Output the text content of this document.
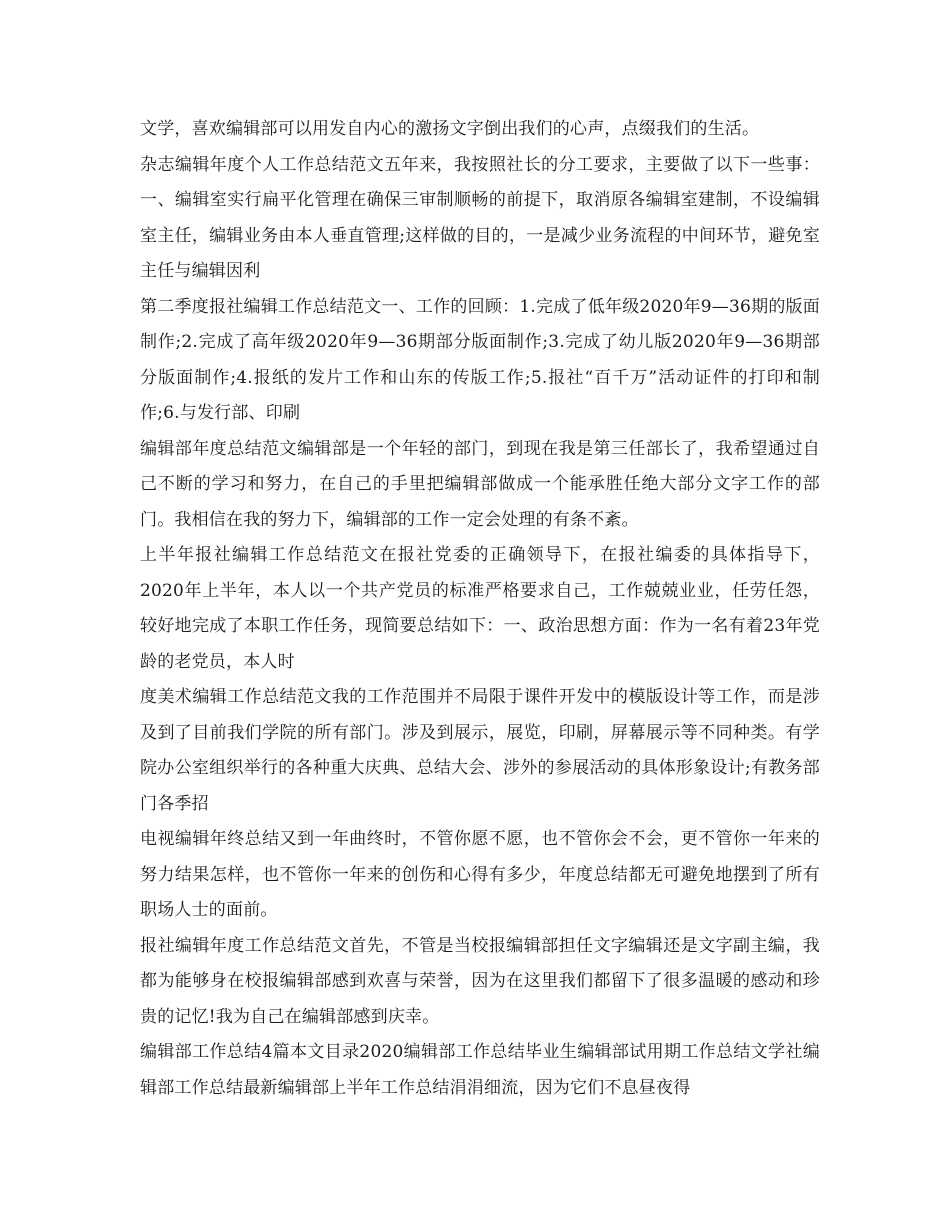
文学，喜欢编辑部可以用发自内心的激扬文字倒出我们的心声，点缀我们的生活。

杂志编辑年度个人工作总结范文五年来，我按照社长的分工要求，主要做了以下一些事：一、编辑室实行扁平化管理在确保三审制顺畅的前提下，取消原各编辑室建制，不设编辑室主任，编辑业务由本人垂直管理;这样做的目的，一是减少业务流程的中间环节，避免室主任与编辑因利

第二季度报社编辑工作总结范文一、工作的回顾：1.完成了低年级2020年9—36期的版面制作;2.完成了高年级2020年9—36期部分版面制作;3.完成了幼儿版2020年9—36期部分版面制作;4.报纸的发片工作和山东的传版工作;5.报社“百千万”活动证件的打印和制作;6.与发行部、印刷

编辑部年度总结范文编辑部是一个年轻的部门，到现在我是第三任部长了，我希望通过自己不断的学习和努力，在自己的手里把编辑部做成一个能承胜任绝大部分文字工作的部门。我相信在我的努力下，编辑部的工作一定会处理的有条不紊。

上半年报社编辑工作总结范文在报社党委的正确领导下，在报社编委的具体指导下，2020年上半年，本人以一个共产党员的标准严格要求自己，工作兢兢业业，任劳任怨，较好地完成了本职工作任务，现简要总结如下：一、政治思想方面：作为一名有着23年党龄的老党员，本人时

度美术编辑工作总结范文我的工作范围并不局限于课件开发中的模版设计等工作，而是涉及到了目前我们学院的所有部门。涉及到展示，展览，印刷，屏幕展示等不同种类。有学院办公室组织举行的各种重大庆典、总结大会、涉外的参展活动的具体形象设计;有教务部门各季招

电视编辑年终总结又到一年曲终时，不管你愿不愿，也不管你会不会，更不管你一年来的努力结果怎样，也不管你一年来的创伤和心得有多少，年度总结都无可避免地摆到了所有职场人士的面前。

报社编辑年度工作总结范文首先，不管是当校报编辑部担任文字编辑还是文字副主编，我都为能够身在校报编辑部感到欢喜与荣誉，因为在这里我们都留下了很多温暖的感动和珍贵的记忆!我为自己在编辑部感到庆幸。

编辑部工作总结4篇本文目录2020编辑部工作总结毕业生编辑部试用期工作总结文学社编辑部工作总结最新编辑部上半年工作总结涓涓细流，因为它们不息昼夜得
